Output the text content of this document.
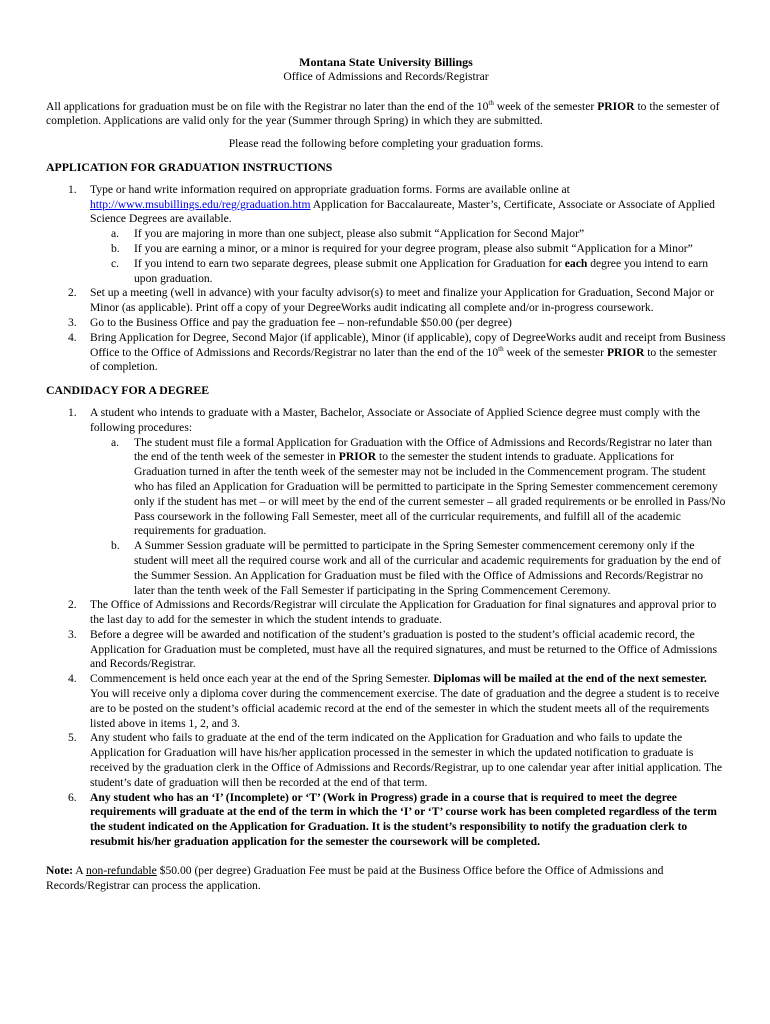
Montana State University Billings

Office of Admissions and Records/Registrar

All applications for graduation must be on file with the Registrar no later than the end of the 10th week of the semester PRIOR to the semester of completion. Applications are valid only for the year (Summer through Spring) in which they are submitted.

Please read the following before completing your graduation forms.

APPLICATION FOR GRADUATION INSTRUCTIONS
1. Type or hand write information required on appropriate graduation forms. Forms are available online at http://www.msubillings.edu/reg/graduation.htm Application for Baccalaureate, Master’s, Certificate, Associate or Associate of Applied Science Degrees are available.
a. If you are majoring in more than one subject, please also submit “Application for Second Major”
b. If you are earning a minor, or a minor is required for your degree program, please also submit “Application for a Minor”
c. If you intend to earn two separate degrees, please submit one Application for Graduation for each degree you intend to earn upon graduation.
2. Set up a meeting (well in advance) with your faculty advisor(s) to meet and finalize your Application for Graduation, Second Major or Minor (as applicable). Print off a copy of your DegreeWorks audit indicating all complete and/or in-progress coursework.
3. Go to the Business Office and pay the graduation fee – non-refundable $50.00 (per degree)
4. Bring Application for Degree, Second Major (if applicable), Minor (if applicable), copy of DegreeWorks audit and receipt from Business Office to the Office of Admissions and Records/Registrar no later than the end of the 10th week of the semester PRIOR to the semester of completion.
CANDIDACY FOR A DEGREE
1. A student who intends to graduate with a Master, Bachelor, Associate or Associate of Applied Science degree must comply with the following procedures:
a. The student must file a formal Application for Graduation with the Office of Admissions and Records/Registrar no later than the end of the tenth week of the semester in PRIOR to the semester the student intends to graduate. Applications for Graduation turned in after the tenth week of the semester may not be included in the Commencement program. The student who has filed an Application for Graduation will be permitted to participate in the Spring Semester commencement ceremony only if the student has met – or will meet by the end of the current semester – all graded requirements or be enrolled in Pass/No Pass coursework in the following Fall Semester, meet all of the curricular requirements, and fulfill all of the academic requirements for graduation.
b. A Summer Session graduate will be permitted to participate in the Spring Semester commencement ceremony only if the student will meet all the required course work and all of the curricular and academic requirements for graduation by the end of the Summer Session. An Application for Graduation must be filed with the Office of Admissions and Records/Registrar no later than the tenth week of the Fall Semester if participating in the Spring Commencement Ceremony.
2. The Office of Admissions and Records/Registrar will circulate the Application for Graduation for final signatures and approval prior to the last day to add for the semester in which the student intends to graduate.
3. Before a degree will be awarded and notification of the student’s graduation is posted to the student’s official academic record, the Application for Graduation must be completed, must have all the required signatures, and must be returned to the Office of Admissions and Records/Registrar.
4. Commencement is held once each year at the end of the Spring Semester. Diplomas will be mailed at the end of the next semester. You will receive only a diploma cover during the commencement exercise. The date of graduation and the degree a student is to receive are to be posted on the student’s official academic record at the end of the semester in which the student meets all of the requirements listed above in items 1, 2, and 3.
5. Any student who fails to graduate at the end of the term indicated on the Application for Graduation and who fails to update the Application for Graduation will have his/her application processed in the semester in which the updated notification to graduate is received by the graduation clerk in the Office of Admissions and Records/Registrar, up to one calendar year after initial application. The student’s date of graduation will then be recorded at the end of that term.
6. Any student who has an ‘I’ (Incomplete) or ‘T’ (Work in Progress) grade in a course that is required to meet the degree requirements will graduate at the end of the term in which the ‘I’ or ‘T’ course work has been completed regardless of the term the student indicated on the Application for Graduation. It is the student’s responsibility to notify the graduation clerk to resubmit his/her graduation application for the semester the coursework will be completed.

Note: A non-refundable $50.00 (per degree) Graduation Fee must be paid at the Business Office before the Office of Admissions and Records/Registrar can process the application.
